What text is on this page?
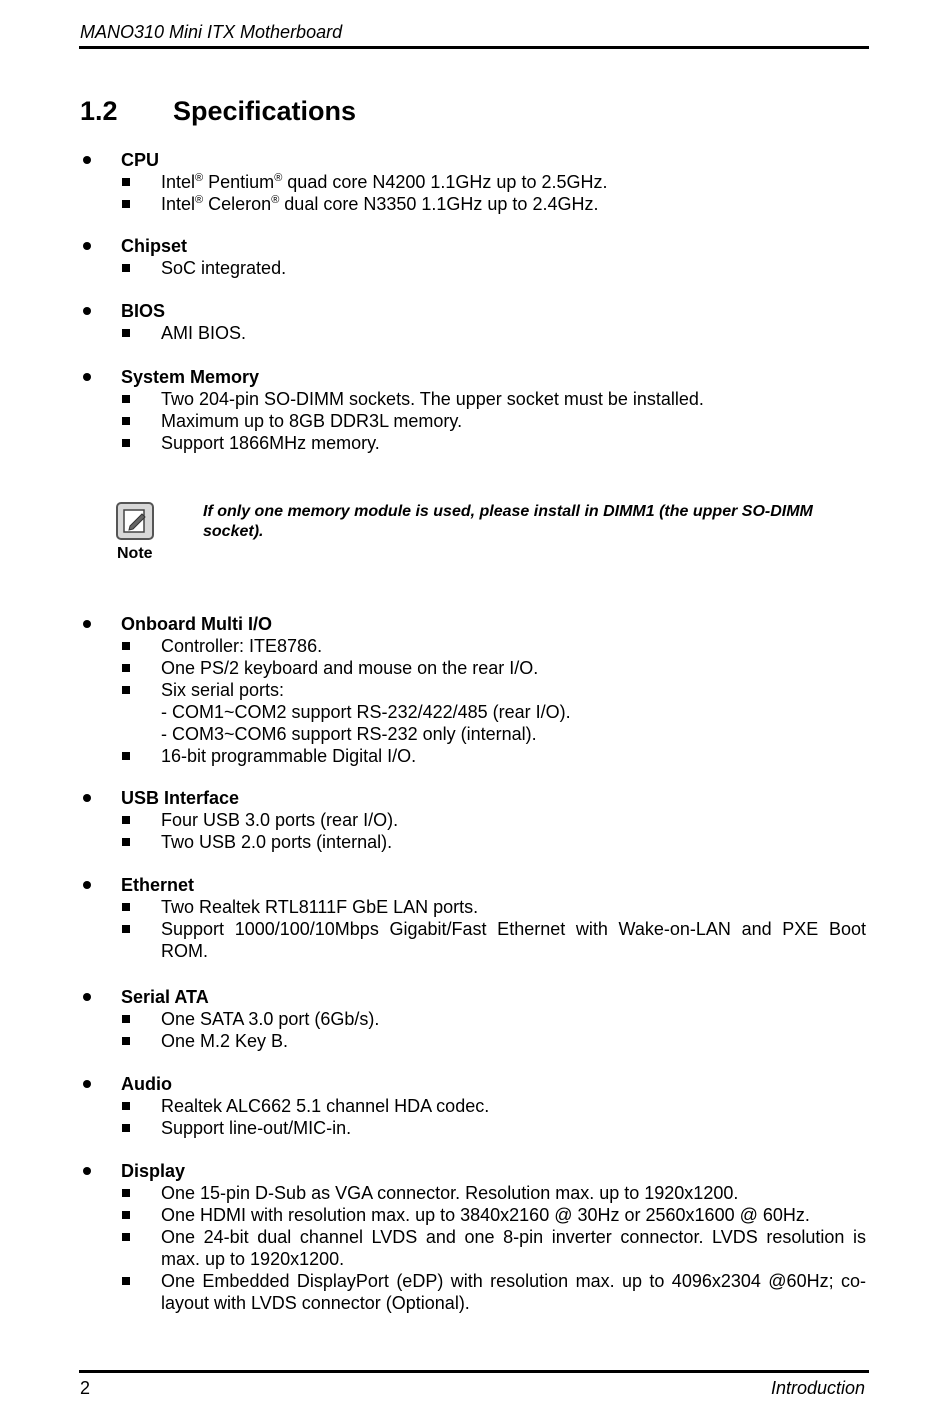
MANO310 Mini ITX Motherboard
1.2 Specifications
CPU
Intel® Pentium® quad core N4200 1.1GHz up to 2.5GHz.
Intel® Celeron® dual core N3350 1.1GHz up to 2.4GHz.
Chipset
SoC integrated.
BIOS
AMI BIOS.
System Memory
Two 204-pin SO-DIMM sockets. The upper socket must be installed.
Maximum up to 8GB DDR3L memory.
Support 1866MHz memory.
Note
If only one memory module is used, please install in DIMM1 (the upper SO-DIMM
socket).
Onboard Multi I/O
Controller: ITE8786.
One PS/2 keyboard and mouse on the rear I/O.
Six serial ports:
- COM1~COM2 support RS-232/422/485 (rear I/O).
- COM3~COM6 support RS-232 only (internal).
16-bit programmable Digital I/O.
USB Interface
Four USB 3.0 ports (rear I/O).
Two USB 2.0 ports (internal).
Ethernet
Two Realtek RTL8111F GbE LAN ports.
Support 1000/100/10Mbps Gigabit/Fast Ethernet with Wake-on-LAN and PXE Boot ROM.
Serial ATA
One SATA 3.0 port (6Gb/s).
One M.2 Key B.
Audio
Realtek ALC662 5.1 channel HDA codec.
Support line-out/MIC-in.
Display
One 15-pin D-Sub as VGA connector. Resolution max. up to 1920x1200.
One HDMI with resolution max. up to 3840x2160 @ 30Hz or 2560x1600 @ 60Hz.
One 24-bit dual channel LVDS and one 8-pin inverter connector. LVDS resolution is max. up to 1920x1200.
One Embedded DisplayPort (eDP) with resolution max. up to 4096x2304 @60Hz; co-layout with LVDS connector (Optional).
2	Introduction
